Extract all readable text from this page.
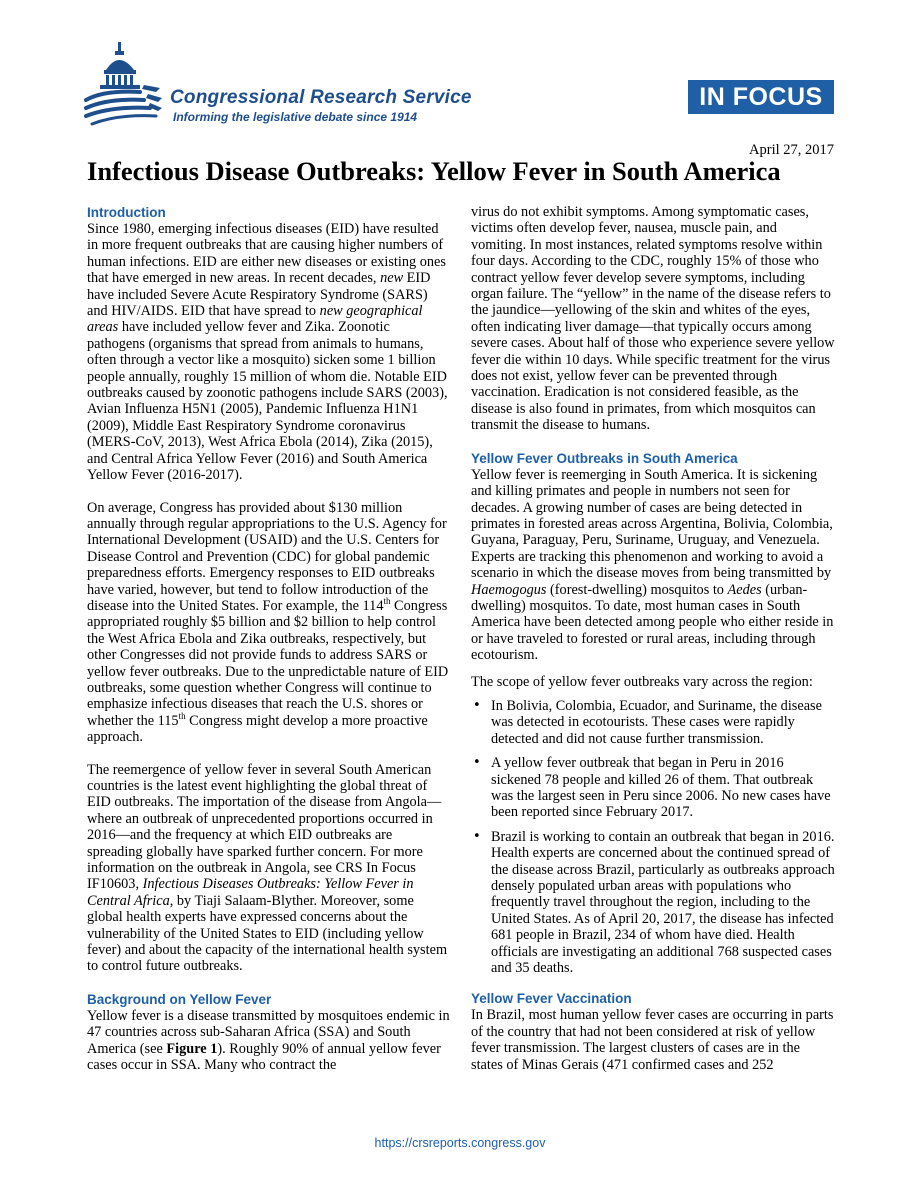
Congressional Research Service
Informing the legislative debate since 1914
IN FOCUS
April 27, 2017
Infectious Disease Outbreaks: Yellow Fever in South America
Introduction

Since 1980, emerging infectious diseases (EID) have resulted in more frequent outbreaks that are causing higher numbers of human infections. EID are either new diseases or existing ones that have emerged in new areas. In recent decades, new EID have included Severe Acute Respiratory Syndrome (SARS) and HIV/AIDS. EID that have spread to new geographical areas have included yellow fever and Zika. Zoonotic pathogens (organisms that spread from animals to humans, often through a vector like a mosquito) sicken some 1 billion people annually, roughly 15 million of whom die. Notable EID outbreaks caused by zoonotic pathogens include SARS (2003), Avian Influenza H5N1 (2005), Pandemic Influenza H1N1 (2009), Middle East Respiratory Syndrome coronavirus (MERS-CoV, 2013), West Africa Ebola (2014), Zika (2015), and Central Africa Yellow Fever (2016) and South America Yellow Fever (2016-2017).

On average, Congress has provided about $130 million annually through regular appropriations to the U.S. Agency for International Development (USAID) and the U.S. Centers for Disease Control and Prevention (CDC) for global pandemic preparedness efforts. Emergency responses to EID outbreaks have varied, however, but tend to follow introduction of the disease into the United States. For example, the 114th Congress appropriated roughly $5 billion and $2 billion to help control the West Africa Ebola and Zika outbreaks, respectively, but other Congresses did not provide funds to address SARS or yellow fever outbreaks. Due to the unpredictable nature of EID outbreaks, some question whether Congress will continue to emphasize infectious diseases that reach the U.S. shores or whether the 115th Congress might develop a more proactive approach.

The reemergence of yellow fever in several South American countries is the latest event highlighting the global threat of EID outbreaks. The importation of the disease from Angola—where an outbreak of unprecedented proportions occurred in 2016—and the frequency at which EID outbreaks are spreading globally have sparked further concern. For more information on the outbreak in Angola, see CRS In Focus IF10603, Infectious Diseases Outbreaks: Yellow Fever in Central Africa, by Tiaji Salaam-Blyther. Moreover, some global health experts have expressed concerns about the vulnerability of the United States to EID (including yellow fever) and about the capacity of the international health system to control future outbreaks.

Background on Yellow Fever

Yellow fever is a disease transmitted by mosquitoes endemic in 47 countries across sub-Saharan Africa (SSA) and South America (see Figure 1). Roughly 90% of annual yellow fever cases occur in SSA. Many who contract the

virus do not exhibit symptoms. Among symptomatic cases, victims often develop fever, nausea, muscle pain, and vomiting. In most instances, related symptoms resolve within four days. According to the CDC, roughly 15% of those who contract yellow fever develop severe symptoms, including organ failure. The “yellow” in the name of the disease refers to the jaundice—yellowing of the skin and whites of the eyes, often indicating liver damage—that typically occurs among severe cases. About half of those who experience severe yellow fever die within 10 days. While specific treatment for the virus does not exist, yellow fever can be prevented through vaccination. Eradication is not considered feasible, as the disease is also found in primates, from which mosquitos can transmit the disease to humans.

Yellow Fever Outbreaks in South America

Yellow fever is reemerging in South America. It is sickening and killing primates and people in numbers not seen for decades. A growing number of cases are being detected in primates in forested areas across Argentina, Bolivia, Colombia, Guyana, Paraguay, Peru, Suriname, Uruguay, and Venezuela. Experts are tracking this phenomenon and working to avoid a scenario in which the disease moves from being transmitted by Haemogogus (forest-dwelling) mosquitos to Aedes (urban-dwelling) mosquitos. To date, most human cases in South America have been detected among people who either reside in or have traveled to forested or rural areas, including through ecotourism.

The scope of yellow fever outbreaks vary across the region:

• In Bolivia, Colombia, Ecuador, and Suriname, the disease was detected in ecotourists. These cases were rapidly detected and did not cause further transmission.
• A yellow fever outbreak that began in Peru in 2016 sickened 78 people and killed 26 of them. That outbreak was the largest seen in Peru since 2006. No new cases have been reported since February 2017.
• Brazil is working to contain an outbreak that began in 2016. Health experts are concerned about the continued spread of the disease across Brazil, particularly as outbreaks approach densely populated urban areas with populations who frequently travel throughout the region, including to the United States. As of April 20, 2017, the disease has infected 681 people in Brazil, 234 of whom have died. Health officials are investigating an additional 768 suspected cases and 35 deaths.
Yellow Fever Vaccination

In Brazil, most human yellow fever cases are occurring in parts of the country that had not been considered at risk of yellow fever transmission. The largest clusters of cases are in the states of Minas Gerais (471 confirmed cases and 252

https://crsreports.congress.gov
